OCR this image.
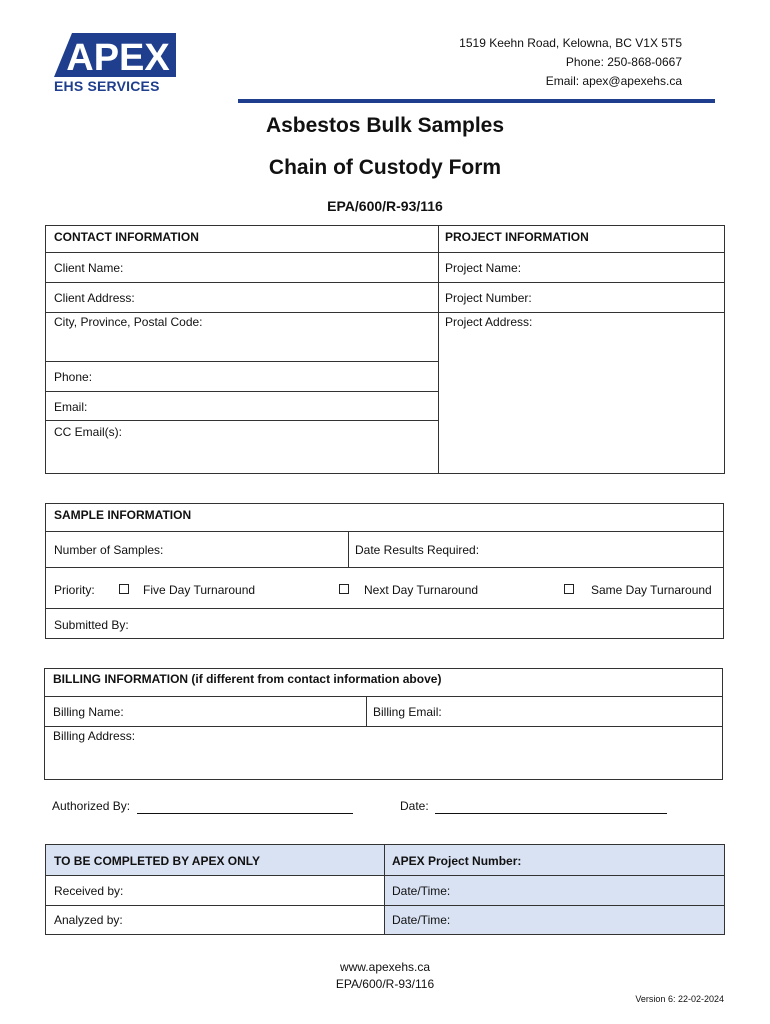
APEX
EHS SERVICES
1519 Keehn Road, Kelowna, BC V1X 5T5
Phone: 250-868-0667
Email: apex@apexehs.ca
Asbestos Bulk Samples
Chain of Custody Form
EPA/600/R-93/116
CONTACT INFORMATION	PROJECT INFORMATION
Client Name:	Project Name:
Client Address:	Project Number:
City, Province, Postal Code:	Project Address:
Phone:
Email:
CC Email(s):
SAMPLE INFORMATION
Number of Samples:	Date Results Required:
Priority:	Five Day Turnaround	Next Day Turnaround	Same Day Turnaround
Submitted By:
BILLING INFORMATION (if different from contact information above)
Billing Name:	Billing Email:
Billing Address:
Authorized By:	Date:
TO BE COMPLETED BY APEX ONLY	APEX Project Number:
Received by:	Date/Time:
Analyzed by:	Date/Time:
www.apexehs.ca
EPA/600/R-93/116
Version 6: 22-02-2024
